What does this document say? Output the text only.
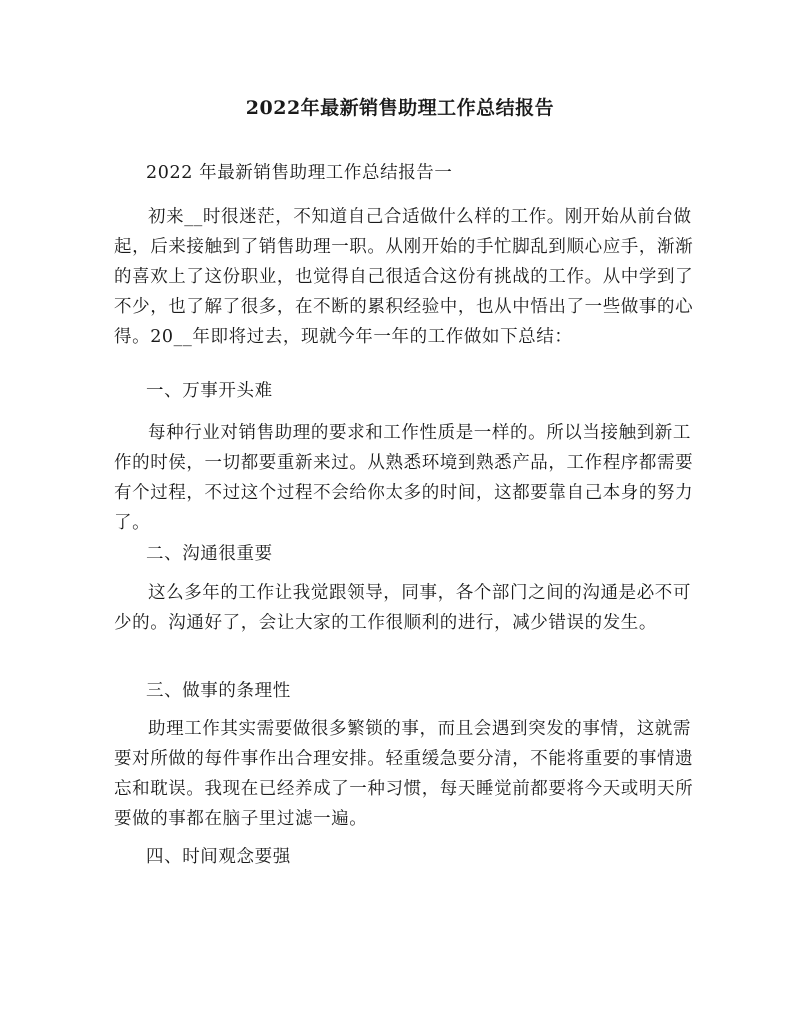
2022年最新销售助理工作总结报告
2022 年最新销售助理工作总结报告一
初来__时很迷茫，不知道自己合适做什么样的工作。刚开始从前台做起，后来接触到了销售助理一职。从刚开始的手忙脚乱到顺心应手，渐渐的喜欢上了这份职业，也觉得自己很适合这份有挑战的工作。从中学到了不少，也了解了很多，在不断的累积经验中，也从中悟出了一些做事的心得。20__年即将过去，现就今年一年的工作做如下总结：
一、万事开头难
每种行业对销售助理的要求和工作性质是一样的。所以当接触到新工作的时侯，一切都要重新来过。从熟悉环境到熟悉产品，工作程序都需要有个过程，不过这个过程不会给你太多的时间，这都要靠自己本身的努力了。
二、沟通很重要
这么多年的工作让我觉跟领导，同事，各个部门之间的沟通是必不可少的。沟通好了，会让大家的工作很顺利的进行，减少错误的发生。
三、做事的条理性
助理工作其实需要做很多繁锁的事，而且会遇到突发的事情，这就需要对所做的每件事作出合理安排。轻重缓急要分清，不能将重要的事情遗忘和耽误。我现在已经养成了一种习惯，每天睡觉前都要将今天或明天所要做的事都在脑子里过滤一遍。
四、时间观念要强
